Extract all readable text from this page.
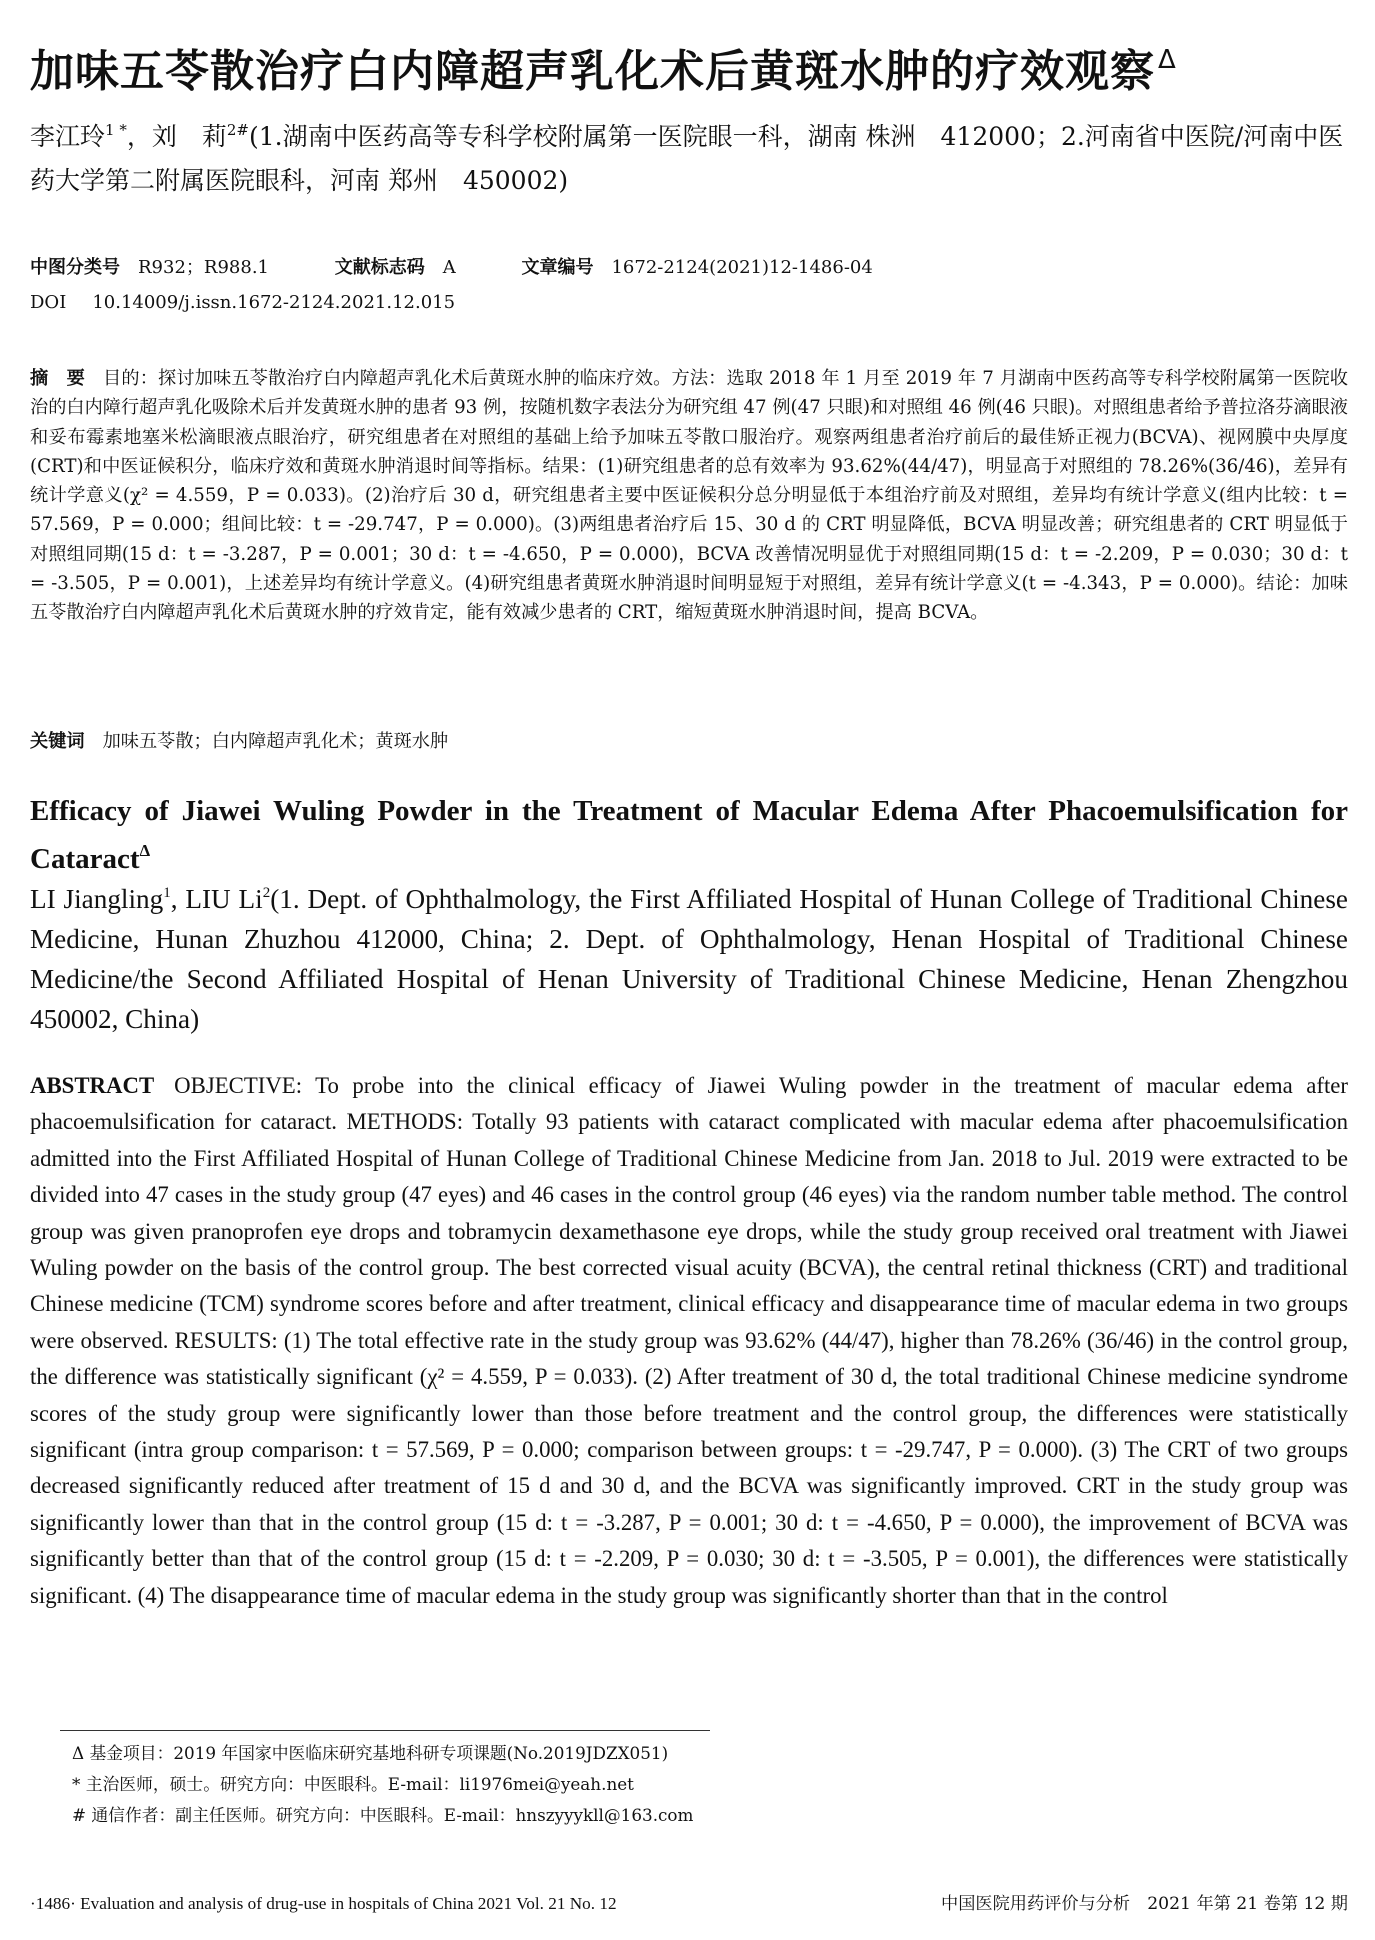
加味五苓散治疗白内障超声乳化术后黄斑水肿的疗效观察 $^\Delta$
李江玲$^{1 *}$，刘　莉$^{2\#}$(1.湖南中医药高等专科学校附属第一医院眼一科，湖南 株洲　412000；2.河南省中医院/河南中医药大学第二附属医院眼科，河南 郑州　450002)
中图分类号 R932；R988.1	文献标志码 A	文章编号 1672-2124(2021)12-1486-04
DOI 10.14009/j.issn.1672-2124.2021.12.015
摘　要 目的：探讨加味五苓散治疗白内障超声乳化术后黄斑水肿的临床疗效。方法：选取 2018 年 1 月至 2019 年 7 月湖南中医药高等专科学校附属第一医院收治的白内障行超声乳化吸除术后并发黄斑水肿的患者 93 例，按随机数字表法分为研究组 47 例(47 只眼)和对照组 46 例(46 只眼)。对照组患者给予普拉洛芬滴眼液和妥布霉素地塞米松滴眼液点眼治疗，研究组患者在对照组的基础上给予加味五苓散口服治疗。观察两组患者治疗前后的最佳矫正视力(BCVA)、视网膜中央厚度(CRT)和中医证候积分，临床疗效和黄斑水肿消退时间等指标。结果：(1)研究组患者的总有效率为 93.62%(44/47)，明显高于对照组的 78.26%(36/46)，差异有统计学意义(χ² = 4.559，P = 0.033)。(2)治疗后 30 d，研究组患者主要中医证候积分总分明显低于本组治疗前及对照组，差异均有统计学意义(组内比较：t = 57.569，P = 0.000；组间比较：t = -29.747，P = 0.000)。(3)两组患者治疗后 15、30 d 的 CRT 明显降低，BCVA 明显改善；研究组患者的 CRT 明显低于对照组同期(15 d：t = -3.287，P = 0.001；30 d：t = -4.650，P = 0.000)，BCVA 改善情况明显优于对照组同期(15 d：t = -2.209，P = 0.030；30 d：t = -3.505，P = 0.001)，上述差异均有统计学意义。(4)研究组患者黄斑水肿消退时间明显短于对照组，差异有统计学意义(t = -4.343，P = 0.000)。结论：加味五苓散治疗白内障超声乳化术后黄斑水肿的疗效肯定，能有效减少患者的 CRT，缩短黄斑水肿消退时间，提高 BCVA。
关键词 加味五苓散；白内障超声乳化术；黄斑水肿
Efficacy of Jiawei Wuling Powder in the Treatment of Macular Edema After Phacoemulsification for Cataract$^\Delta$
LI Jiangling$^1$, LIU Li$^2$(1. Dept. of Ophthalmology, the First Affiliated Hospital of Hunan College of Traditional Chinese Medicine, Hunan Zhuzhou 412000, China; 2. Dept. of Ophthalmology, Henan Hospital of Traditional Chinese Medicine/the Second Affiliated Hospital of Henan University of Traditional Chinese Medicine, Henan Zhengzhou 450002, China)
ABSTRACT OBJECTIVE: To probe into the clinical efficacy of Jiawei Wuling powder in the treatment of macular edema after phacoemulsification for cataract. METHODS: Totally 93 patients with cataract complicated with macular edema after phacoemulsification admitted into the First Affiliated Hospital of Hunan College of Traditional Chinese Medicine from Jan. 2018 to Jul. 2019 were extracted to be divided into 47 cases in the study group (47 eyes) and 46 cases in the control group (46 eyes) via the random number table method. The control group was given pranoprofen eye drops and tobramycin dexamethasone eye drops, while the study group received oral treatment with Jiawei Wuling powder on the basis of the control group. The best corrected visual acuity (BCVA), the central retinal thickness (CRT) and traditional Chinese medicine (TCM) syndrome scores before and after treatment, clinical efficacy and disappearance time of macular edema in two groups were observed. RESULTS: (1) The total effective rate in the study group was 93.62% (44/47), higher than 78.26% (36/46) in the control group, the difference was statistically significant (χ² = 4.559, P = 0.033). (2) After treatment of 30 d, the total traditional Chinese medicine syndrome scores of the study group were significantly lower than those before treatment and the control group, the differences were statistically significant (intra group comparison: t = 57.569, P = 0.000; comparison between groups: t = -29.747, P = 0.000). (3) The CRT of two groups decreased significantly reduced after treatment of 15 d and 30 d, and the BCVA was significantly improved. CRT in the study group was significantly lower than that in the control group (15 d: t = -3.287, P = 0.001; 30 d: t = -4.650, P = 0.000), the improvement of BCVA was significantly better than that of the control group (15 d: t = -2.209, P = 0.030; 30 d: t = -3.505, P = 0.001), the differences were statistically significant. (4) The disappearance time of macular edema in the study group was significantly shorter than that in the control
Δ 基金项目：2019 年国家中医临床研究基地科研专项课题(No.2019JDZX051)
* 主治医师，硕士。研究方向：中医眼科。E-mail：li1976mei@yeah.net
# 通信作者：副主任医师。研究方向：中医眼科。E-mail：hnszyyykll@163.com
·1486· Evaluation and analysis of drug-use in hospitals of China 2021 Vol. 21 No. 12	中国医院用药评价与分析　2021 年第 21 卷第 12 期
